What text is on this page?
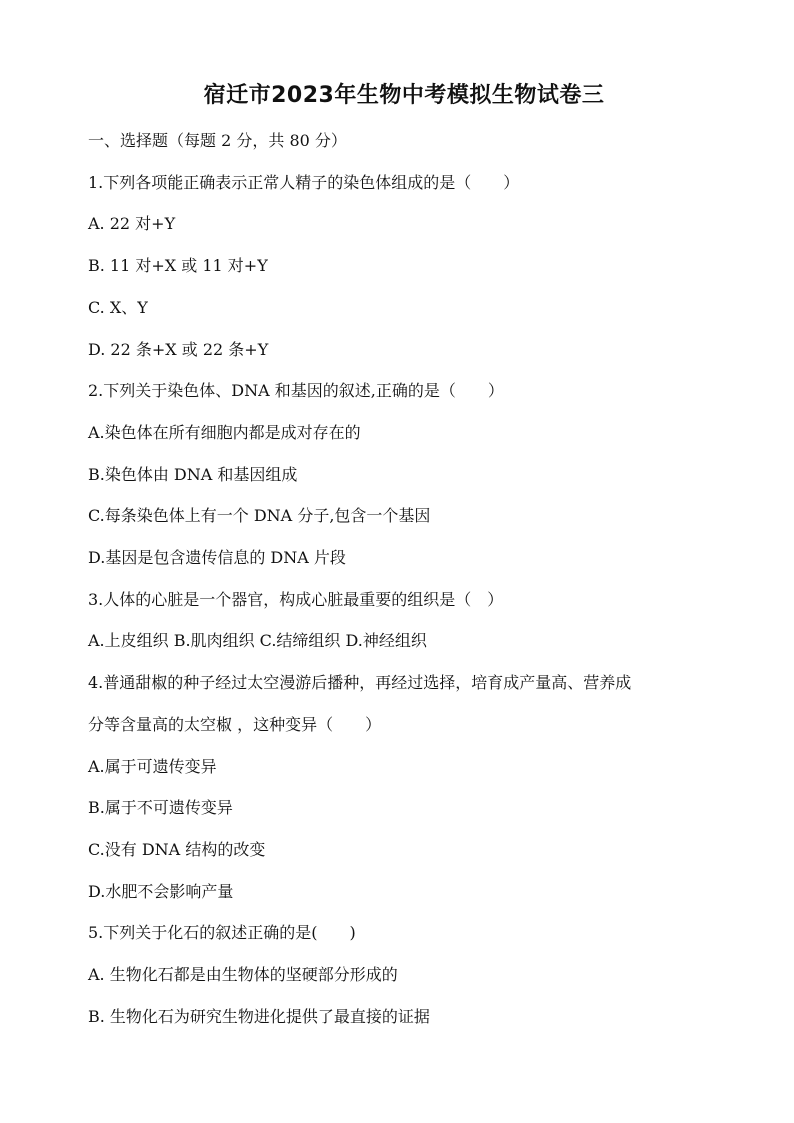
宿迁市2023年生物中考模拟生物试卷三

一、选择题（每题 2 分，共 80 分）

1.下列各项能正确表示正常人精子的染色体组成的是（　　）

A. 22 对+Y

B. 11 对+X 或 11 对+Y

C. X、Y

D. 22 条+X 或 22 条+Y

2.下列关于染色体、DNA 和基因的叙述,正确的是（　　）

A.染色体在所有细胞内都是成对存在的

B.染色体由 DNA 和基因组成

C.每条染色体上有一个 DNA 分子,包含一个基因

D.基因是包含遗传信息的 DNA 片段

3.人体的心脏是一个器官，构成心脏最重要的组织是（　）

A.上皮组织 B.肌肉组织 C.结缔组织 D.神经组织

4.普通甜椒的种子经过太空漫游后播种，再经过选择，培育成产量高、营养成

分等含量高的太空椒 ，这种变异（　　）

A.属于可遗传变异

B.属于不可遗传变异

C.没有 DNA 结构的改变

D.水肥不会影响产量

5.下列关于化石的叙述正确的是(　　)

A. 生物化石都是由生物体的坚硬部分形成的

B. 生物化石为研究生物进化提供了最直接的证据
